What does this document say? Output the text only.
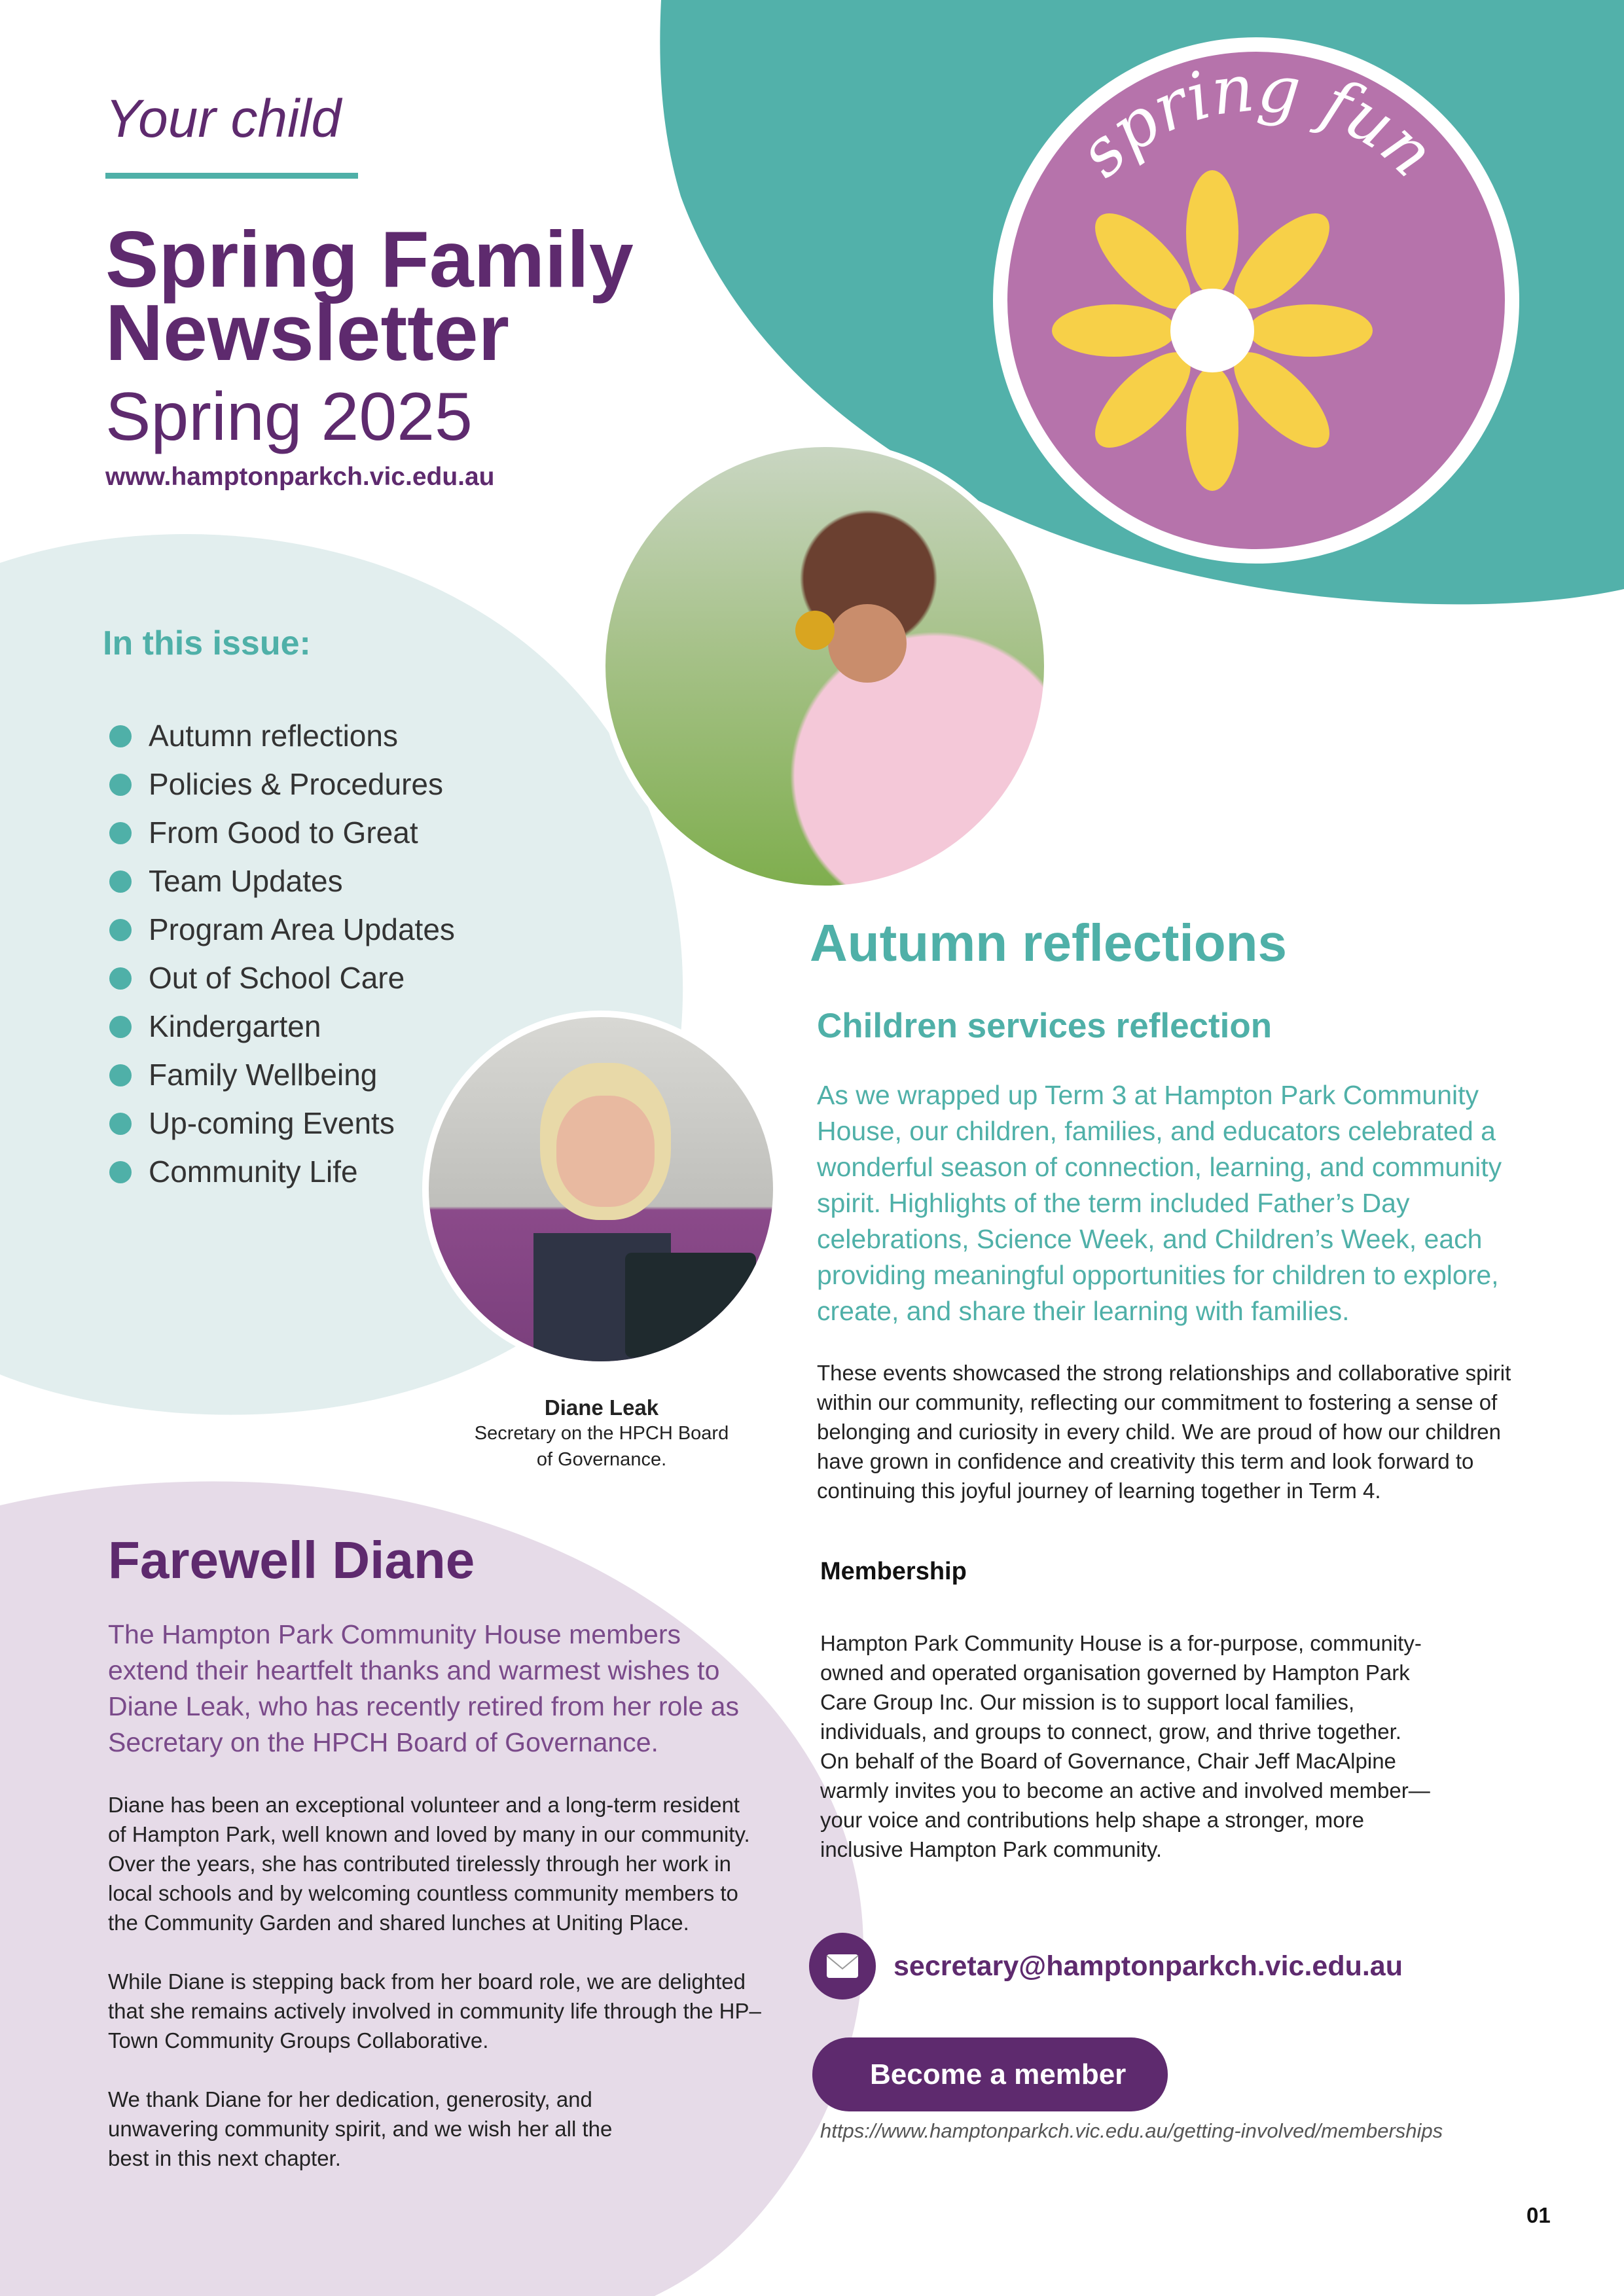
Your child
Spring Family
Newsletter
Spring 2025
www.hamptonparkch.vic.edu.au
spring fun
In this issue:
Autumn reflections
Policies & Procedures
From Good to Great
Team Updates
Program Area Updates
Out of School Care
Kindergarten
Family Wellbeing
Up-coming Events
Community Life
Diane Leak
Secretary on the HPCH Board
of Governance.
Autumn reflections
Children services reflection
As we wrapped up Term 3 at Hampton Park Community House, our children, families, and educators celebrated a wonderful season of connection, learning, and community spirit. Highlights of the term included Father’s Day celebrations, Science Week, and Children’s Week, each providing meaningful opportunities for children to explore, create, and share their learning with families.
These events showcased the strong relationships and collaborative spirit within our community, reflecting our commitment to fostering a sense of belonging and curiosity in every child. We are proud of how our children have grown in confidence and creativity this term and look forward to continuing this joyful journey of learning together in Term 4.
Membership
Hampton Park Community House is a for-purpose, community-owned and operated organisation governed by Hampton Park Care Group Inc. Our mission is to support local families, individuals, and groups to connect, grow, and thrive together.
On behalf of the Board of Governance, Chair Jeff MacAlpine warmly invites you to become an active and involved member—your voice and contributions help shape a stronger, more inclusive Hampton Park community.
secretary@hamptonparkch.vic.edu.au
Become a member
https://www.hamptonparkch.vic.edu.au/getting-involved/memberships
Farewell Diane
The Hampton Park Community House members extend their heartfelt thanks and warmest wishes to Diane Leak, who has recently retired from her role as Secretary on the HPCH Board of Governance.
Diane has been an exceptional volunteer and a long-term resident of Hampton Park, well known and loved by many in our community. Over the years, she has contributed tirelessly through her work in local schools and by welcoming countless community members to the Community Garden and shared lunches at Uniting Place.
While Diane is stepping back from her board role, we are delighted that she remains actively involved in community life through the HP–Town Community Groups Collaborative.
We thank Diane for her dedication, generosity, and unwavering community spirit, and we wish her all the best in this next chapter.
01
